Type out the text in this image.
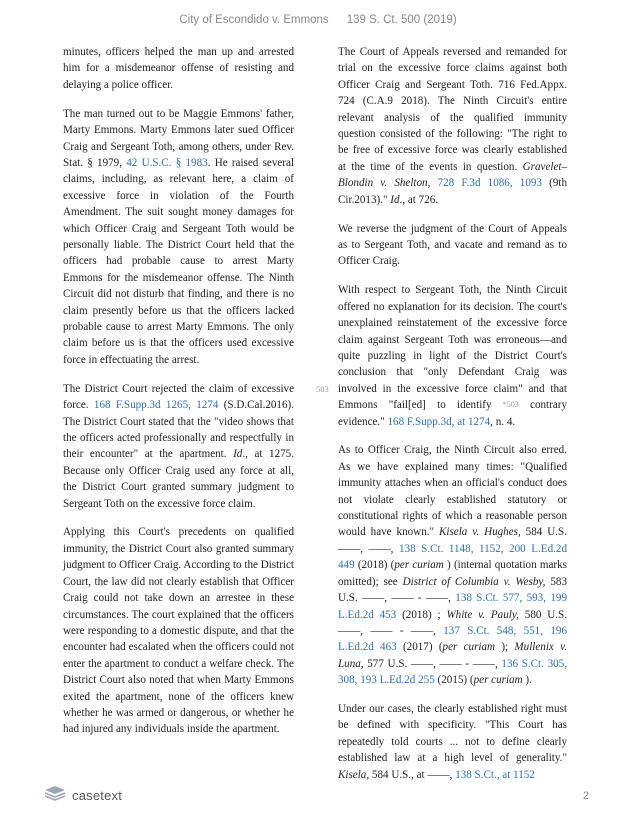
City of Escondido v. Emmons 139 S. Ct. 500 (2019)

minutes, officers helped the man up and arrested him for a misdemeanor offense of resisting and delaying a police officer.

The man turned out to be Maggie Emmons' father, Marty Emmons. Marty Emmons later sued Officer Craig and Sergeant Toth, among others, under Rev. Stat. § 1979, 42 U.S.C. § 1983. He raised several claims, including, as relevant here, a claim of excessive force in violation of the Fourth Amendment. The suit sought money damages for which Officer Craig and Sergeant Toth would be personally liable. The District Court held that the officers had probable cause to arrest Marty Emmons for the misdemeanor offense. The Ninth Circuit did not disturb that finding, and there is no claim presently before us that the officers lacked probable cause to arrest Marty Emmons. The only claim before us is that the officers used excessive force in effectuating the arrest.

The District Court rejected the claim of excessive force. 168 F.Supp.3d 1265, 1274 (S.D.Cal.2016). The District Court stated that the "video shows that the officers acted professionally and respectfully in their encounter" at the apartment. Id., at 1275. Because only Officer Craig used any force at all, the District Court granted summary judgment to Sergeant Toth on the excessive force claim.

Applying this Court's precedents on qualified immunity, the District Court also granted summary judgment to Officer Craig. According to the District Court, the law did not clearly establish that Officer Craig could not take down an arrestee in these circumstances. The court explained that the officers were responding to a domestic dispute, and that the encounter had escalated when the officers could not enter the apartment to conduct a welfare check. The District Court also noted that when Marty Emmons exited the apartment, none of the officers knew whether he was armed or dangerous, or whether he had injured any individuals inside the apartment.

503

The Court of Appeals reversed and remanded for trial on the excessive force claims against both Officer Craig and Sergeant Toth. 716 Fed.Appx. 724 (C.A.9 2018). The Ninth Circuit's entire relevant analysis of the qualified immunity question consisted of the following: "The right to be free of excessive force was clearly established at the time of the events in question. Gravelet–Blondin v. Shelton, 728 F.3d 1086, 1093 (9th Cir.2013)." Id., at 726.

We reverse the judgment of the Court of Appeals as to Sergeant Toth, and vacate and remand as to Officer Craig.

With respect to Sergeant Toth, the Ninth Circuit offered no explanation for its decision. The court's unexplained reinstatement of the excessive force claim against Sergeant Toth was erroneous—and quite puzzling in light of the District Court's conclusion that "only Defendant Craig was involved in the excessive force claim" and that Emmons "fail[ed] to identify *503 contrary evidence." 168 F.Supp.3d, at 1274, n. 4.

As to Officer Craig, the Ninth Circuit also erred. As we have explained many times: "Qualified immunity attaches when an official's conduct does not violate clearly established statutory or constitutional rights of which a reasonable person would have known." Kisela v. Hughes, 584 U.S. ——, ——, 138 S.Ct. 1148, 1152, 200 L.Ed.2d 449 (2018) (per curiam ) (internal quotation marks omitted); see District of Columbia v. Wesby, 583 U.S. ——, —— - ——, 138 S.Ct. 577, 593, 199 L.Ed.2d 453 (2018) ; White v. Pauly, 580 U.S. ——, —— - ——, 137 S.Ct. 548, 551, 196 L.Ed.2d 463 (2017) (per curiam ); Mullenix v. Luna, 577 U.S. ——, —— - ——, 136 S.Ct. 305, 308, 193 L.Ed.2d 255 (2015) (per curiam ).

Under our cases, the clearly established right must be defined with specificity. "This Court has repeatedly told courts ... not to define clearly established law at a high level of generality." Kisela, 584 U.S., at ——, 138 S.Ct., at 1152

casetext	2
